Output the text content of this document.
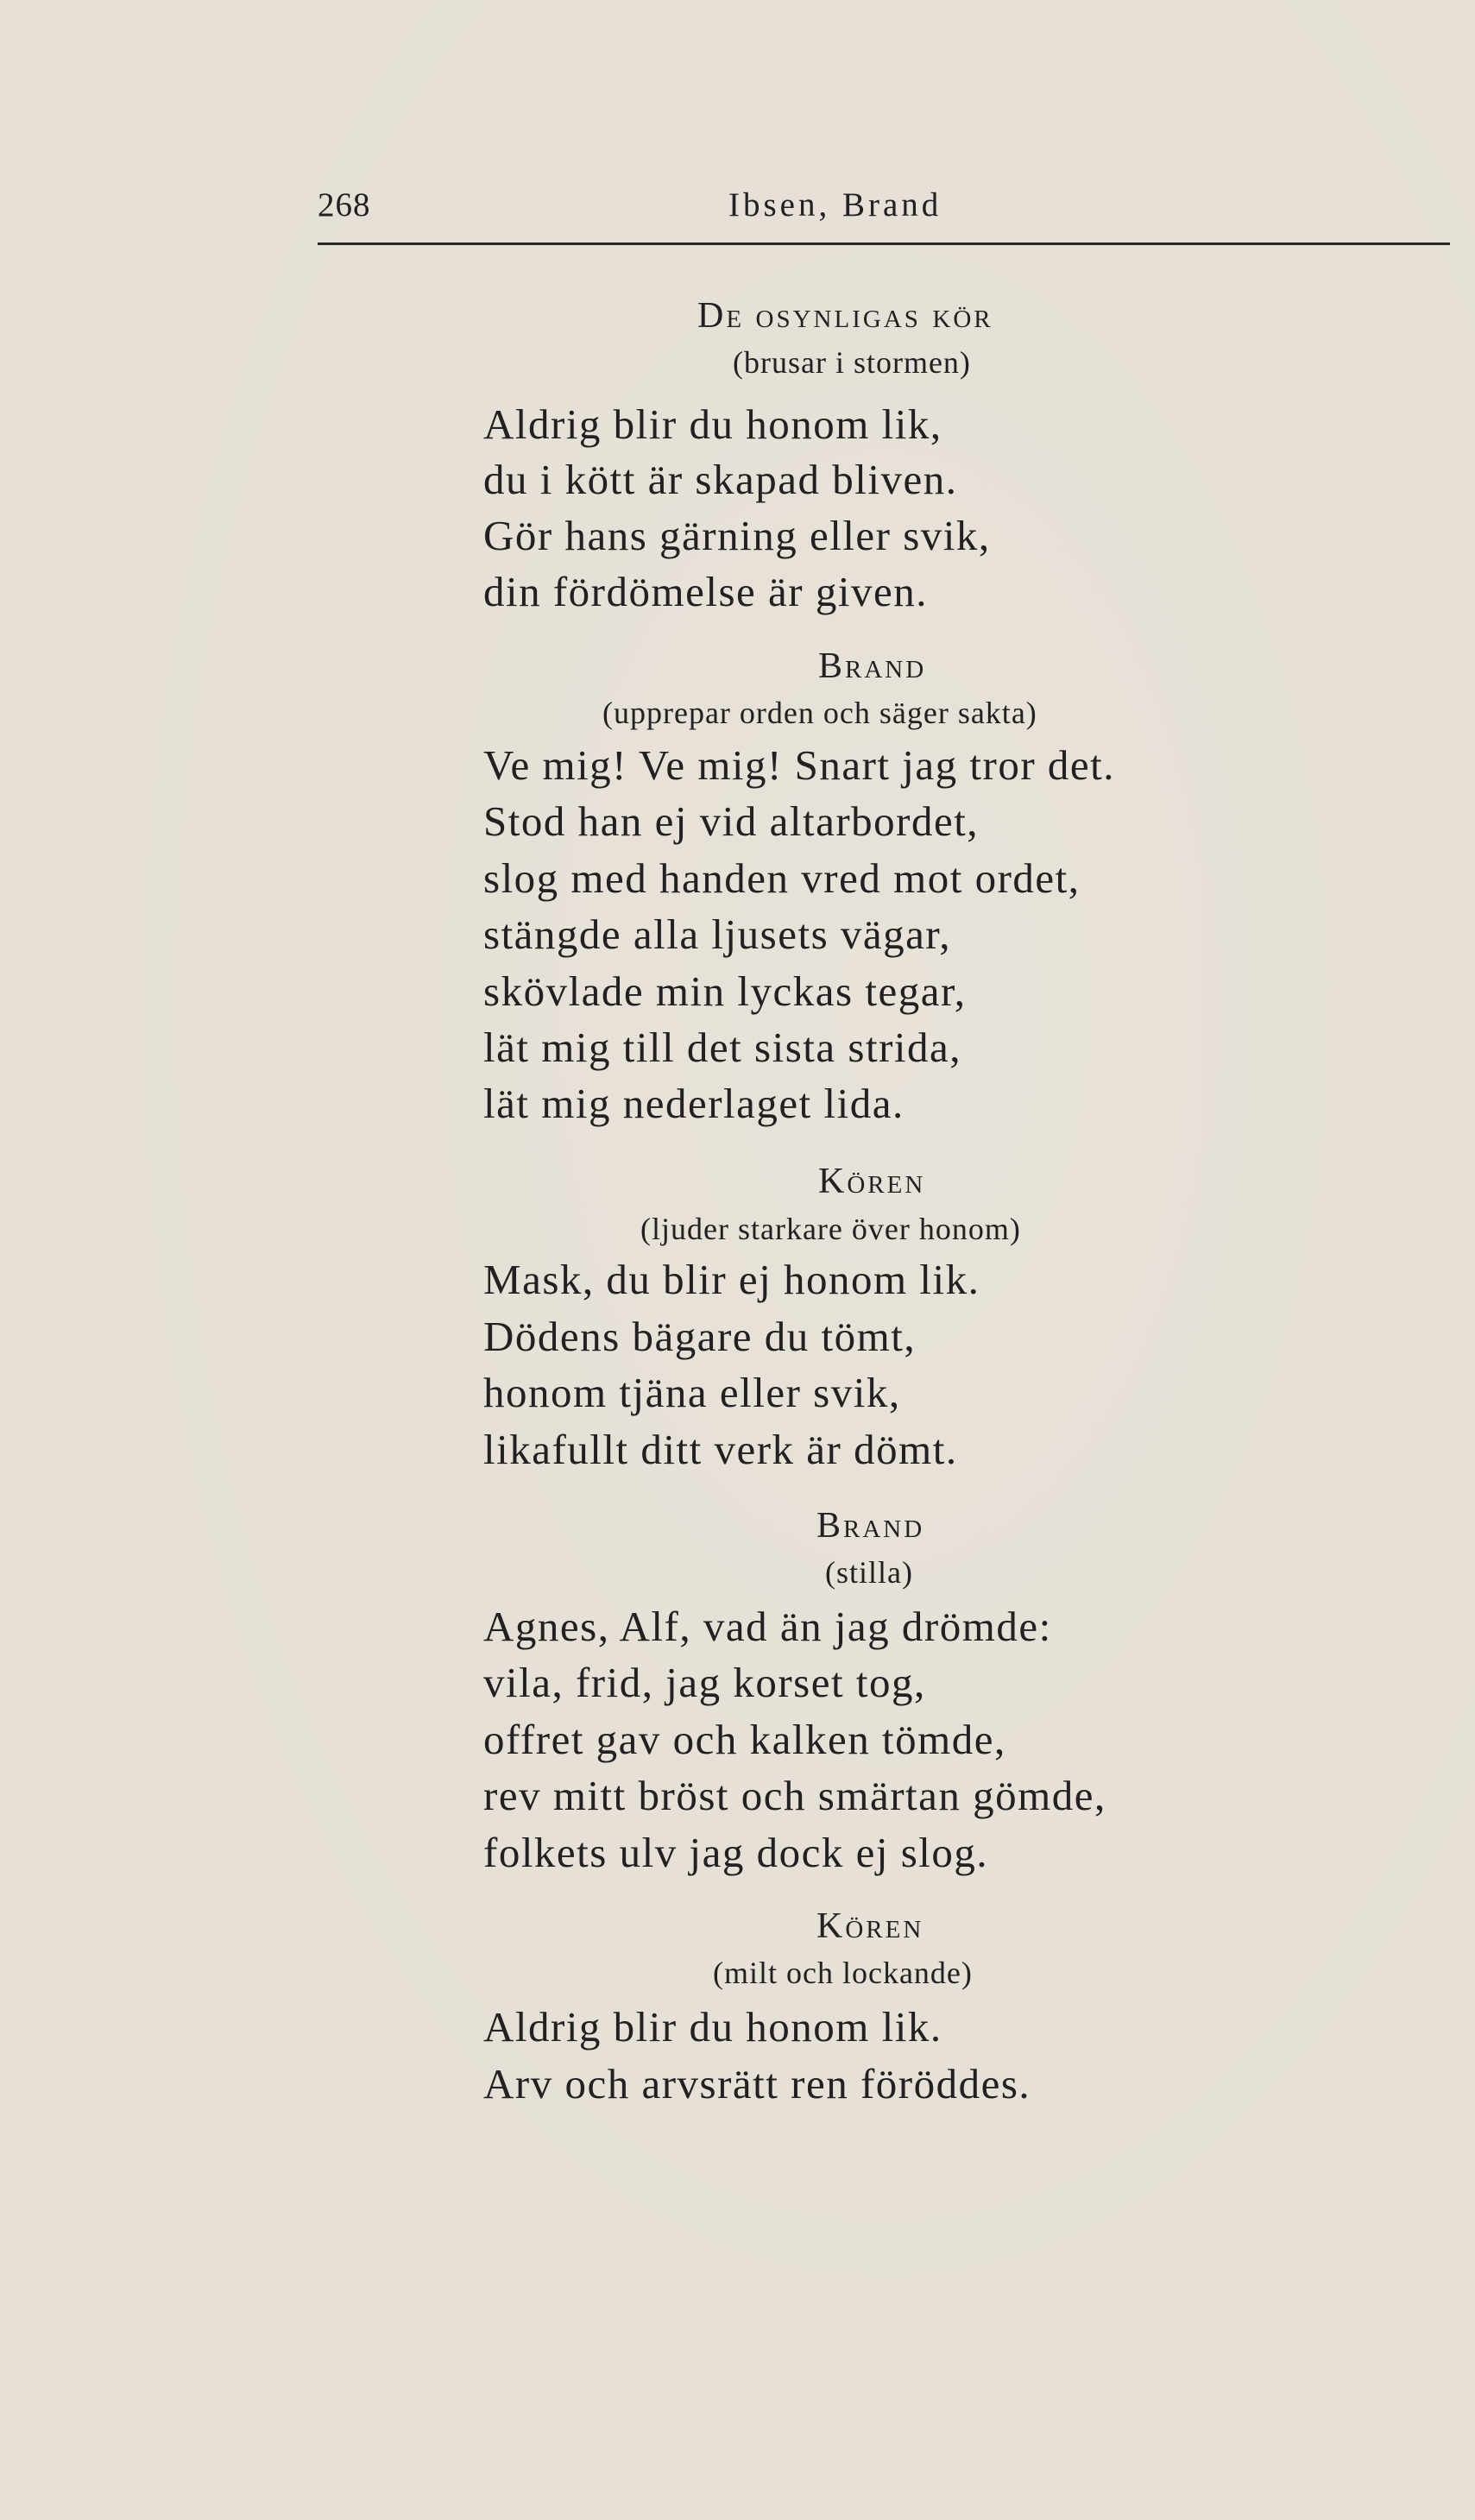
268	Ibsen, Brand
De osynligas kör
(brusar i stormen)
Aldrig blir du honom lik,
du i kött är skapad bliven.
Gör hans gärning eller svik,
din fördömelse är given.
Brand
(upprepar orden och säger sakta)
Ve mig! Ve mig! Snart jag tror det.
Stod han ej vid altarbordet,
slog med handen vred mot ordet,
stängde alla ljusets vägar,
skövlade min lyckas tegar,
lät mig till det sista strida,
lät mig nederlaget lida.
Kören
(ljuder starkare över honom)
Mask, du blir ej honom lik.
Dödens bägare du tömt,
honom tjäna eller svik,
likafullt ditt verk är dömt.
Brand
(stilla)
Agnes, Alf, vad än jag drömde:
vila, frid, jag korset tog,
offret gav och kalken tömde,
rev mitt bröst och smärtan gömde,
folkets ulv jag dock ej slog.
Kören
(milt och lockande)
Aldrig blir du honom lik.
Arv och arvsrätt ren föröddes.
